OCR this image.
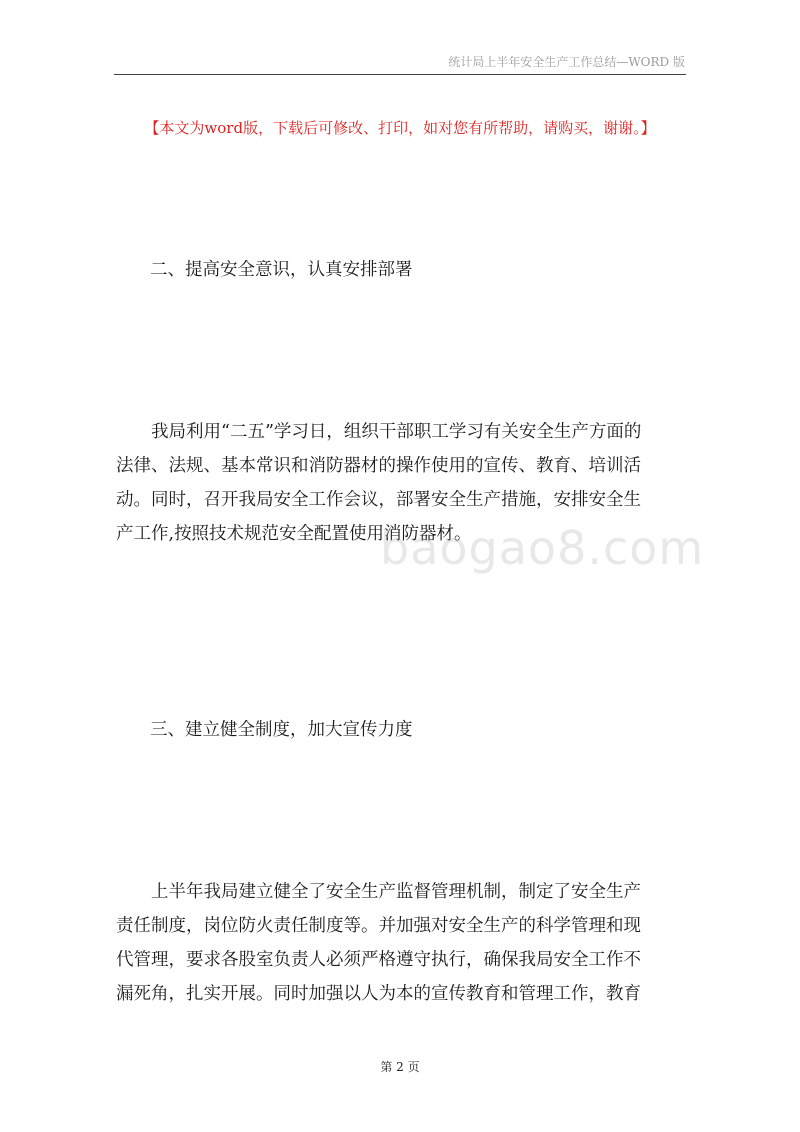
统计局上半年安全生产工作总结—WORD 版
【本文为word版，下载后可修改、打印，如对您有所帮助，请购买，谢谢。】
二、提高安全意识，认真安排部署
我局利用“二五”学习日，组织干部职工学习有关安全生产方面的
法律、法规、基本常识和消防器材的操作使用的宣传、教育、培训活
动。同时，召开我局安全工作会议，部署安全生产措施，安排安全生
产工作,按照技术规范安全配置使用消防器材。
baogao8.com
三、建立健全制度，加大宣传力度
上半年我局建立健全了安全生产监督管理机制，制定了安全生产
责任制度，岗位防火责任制度等。并加强对安全生产的科学管理和现
代管理，要求各股室负责人必须严格遵守执行，确保我局安全工作不
漏死角，扎实开展。同时加强以人为本的宣传教育和管理工作，教育
第 2 页
